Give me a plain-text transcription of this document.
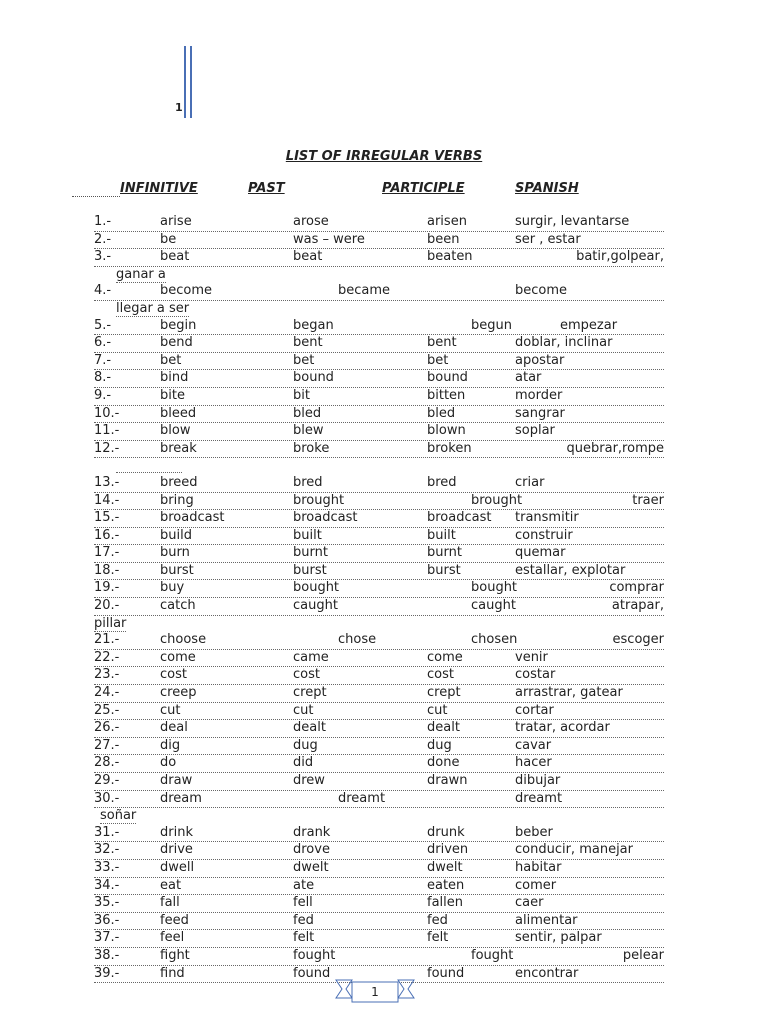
1
LIST OF IRREGULAR VERBS
INFINITIVE	PAST	PARTICIPLE	SPANISH
1.-	arise	arose	arisen	surgir, levantarse
2.-	be	was – were	been	ser , estar
3.-	beat	beat	beaten	batir,golpear,
ganar a
4.-	become	became	become
llegar a ser
5.-	begin	began	begun	empezar
6.-	bend	bent	bent	doblar, inclinar
7.-	bet	bet	bet	apostar
8.-	bind	bound	bound	atar
9.-	bite	bit	bitten	morder
10.-	bleed	bled	bled	sangrar
11.-	blow	blew	blown	soplar
12.-	break	broke	broken	quebrar,rompe
13.-	breed	bred	bred	criar
14.-	bring	brought	brought	traer
15.-	broadcast	broadcast	broadcast transmitir
16.-	build	built	built	construir
17.-	burn	burnt	burnt	quemar
18.-	burst	burst	burst	estallar, explotar
19.-	buy	bought	bought	comprar
20.-	catch	caught	caught	atrapar,
pillar
21.-	choose	chose	chosen	escoger
22.-	come	came	come	venir
23.-	cost	cost	cost	costar
24.-	creep	crept	crept	arrastrar, gatear
25.-	cut	cut	cut	cortar
26.-	deal	dealt	dealt	tratar, acordar
27.-	dig	dug	dug	cavar
28.-	do	did	done	hacer
29.-	draw	drew	drawn	dibujar
30.-	dream	dreamt	dreamt
soñar
31.-	drink	drank	drunk	beber
32.-	drive	drove	driven	conducir, manejar
33.-	dwell	dwelt	dwelt	habitar
34.-	eat	ate	eaten	comer
35.-	fall	fell	fallen	caer
36.-	feed	fed	fed	alimentar
37.-	feel	felt	felt	sentir, palpar
38.-	fight	fought	fought	pelear
39.-	find	found	found	encontrar
1
